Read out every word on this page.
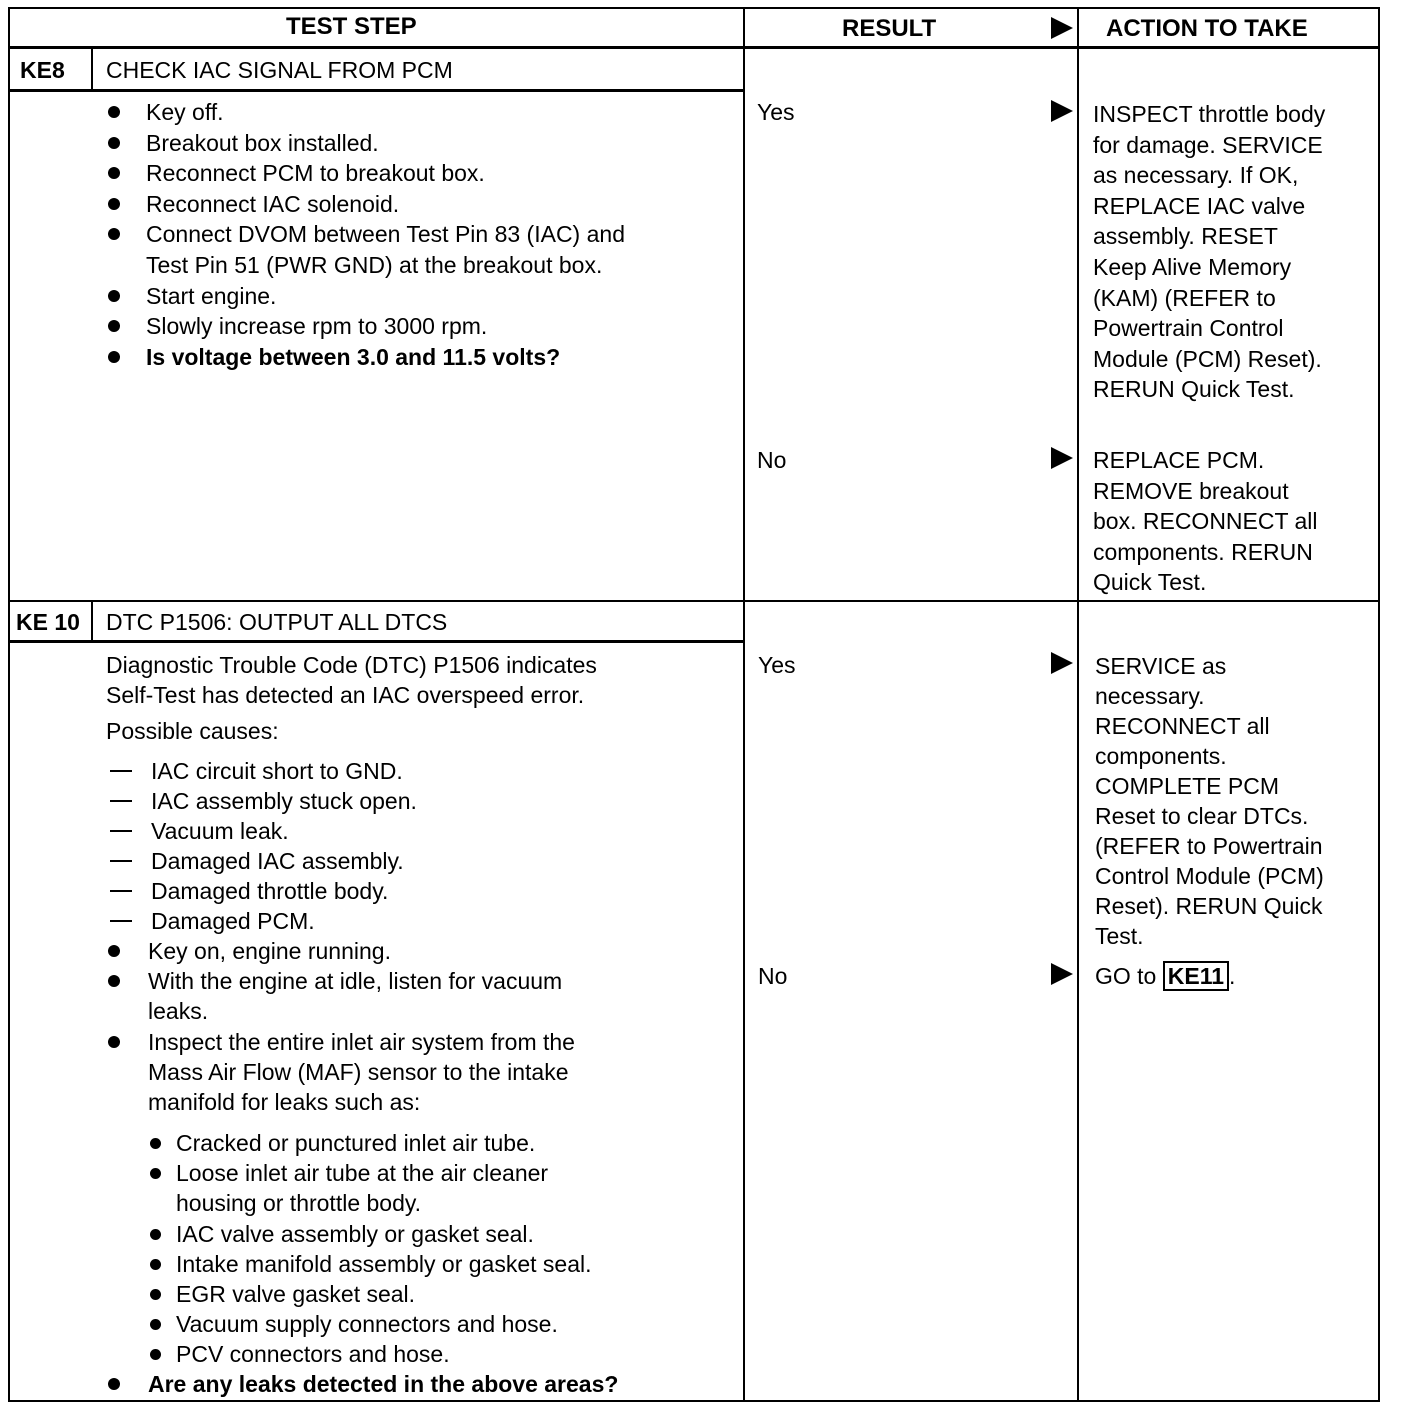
TEST STEP	RESULT	ACTION TO TAKE
KE8 CHECK IAC SIGNAL FROM PCM
Key off.
Breakout box installed.
Reconnect PCM to breakout box.
Reconnect IAC solenoid.
Connect DVOM between Test Pin 83 (IAC) and
Test Pin 51 (PWR GND) at the breakout box.
Start engine.
Slowly increase rpm to 3000 rpm.
Is voltage between 3.0 and 11.5 volts?
Yes	INSPECT throttle body
for damage. SERVICE
as necessary. If OK,
REPLACE IAC valve
assembly. RESET
Keep Alive Memory
(KAM) (REFER to
Powertrain Control
Module (PCM) Reset).
RERUN Quick Test.
No	REPLACE PCM.
REMOVE breakout
box. RECONNECT all
components. RERUN
Quick Test.
KE 10 DTC P1506: OUTPUT ALL DTCS
Diagnostic Trouble Code (DTC) P1506 indicates
Self-Test has detected an IAC overspeed error.
Possible causes:
IAC circuit short to GND.
IAC assembly stuck open.
Vacuum leak.
Damaged IAC assembly.
Damaged throttle body.
Damaged PCM.
Key on, engine running.
With the engine at idle, listen for vacuum
leaks.
Inspect the entire inlet air system from the
Mass Air Flow (MAF) sensor to the intake
manifold for leaks such as:
Cracked or punctured inlet air tube.
Loose inlet air tube at the air cleaner
housing or throttle body.
IAC valve assembly or gasket seal.
Intake manifold assembly or gasket seal.
EGR valve gasket seal.
Vacuum supply connectors and hose.
PCV connectors and hose.
Are any leaks detected in the above areas?
Yes	SERVICE as
necessary.
RECONNECT all
components.
COMPLETE PCM
Reset to clear DTCs.
(REFER to Powertrain
Control Module (PCM)
Reset). RERUN Quick
Test.
No	GO to KE11 .
